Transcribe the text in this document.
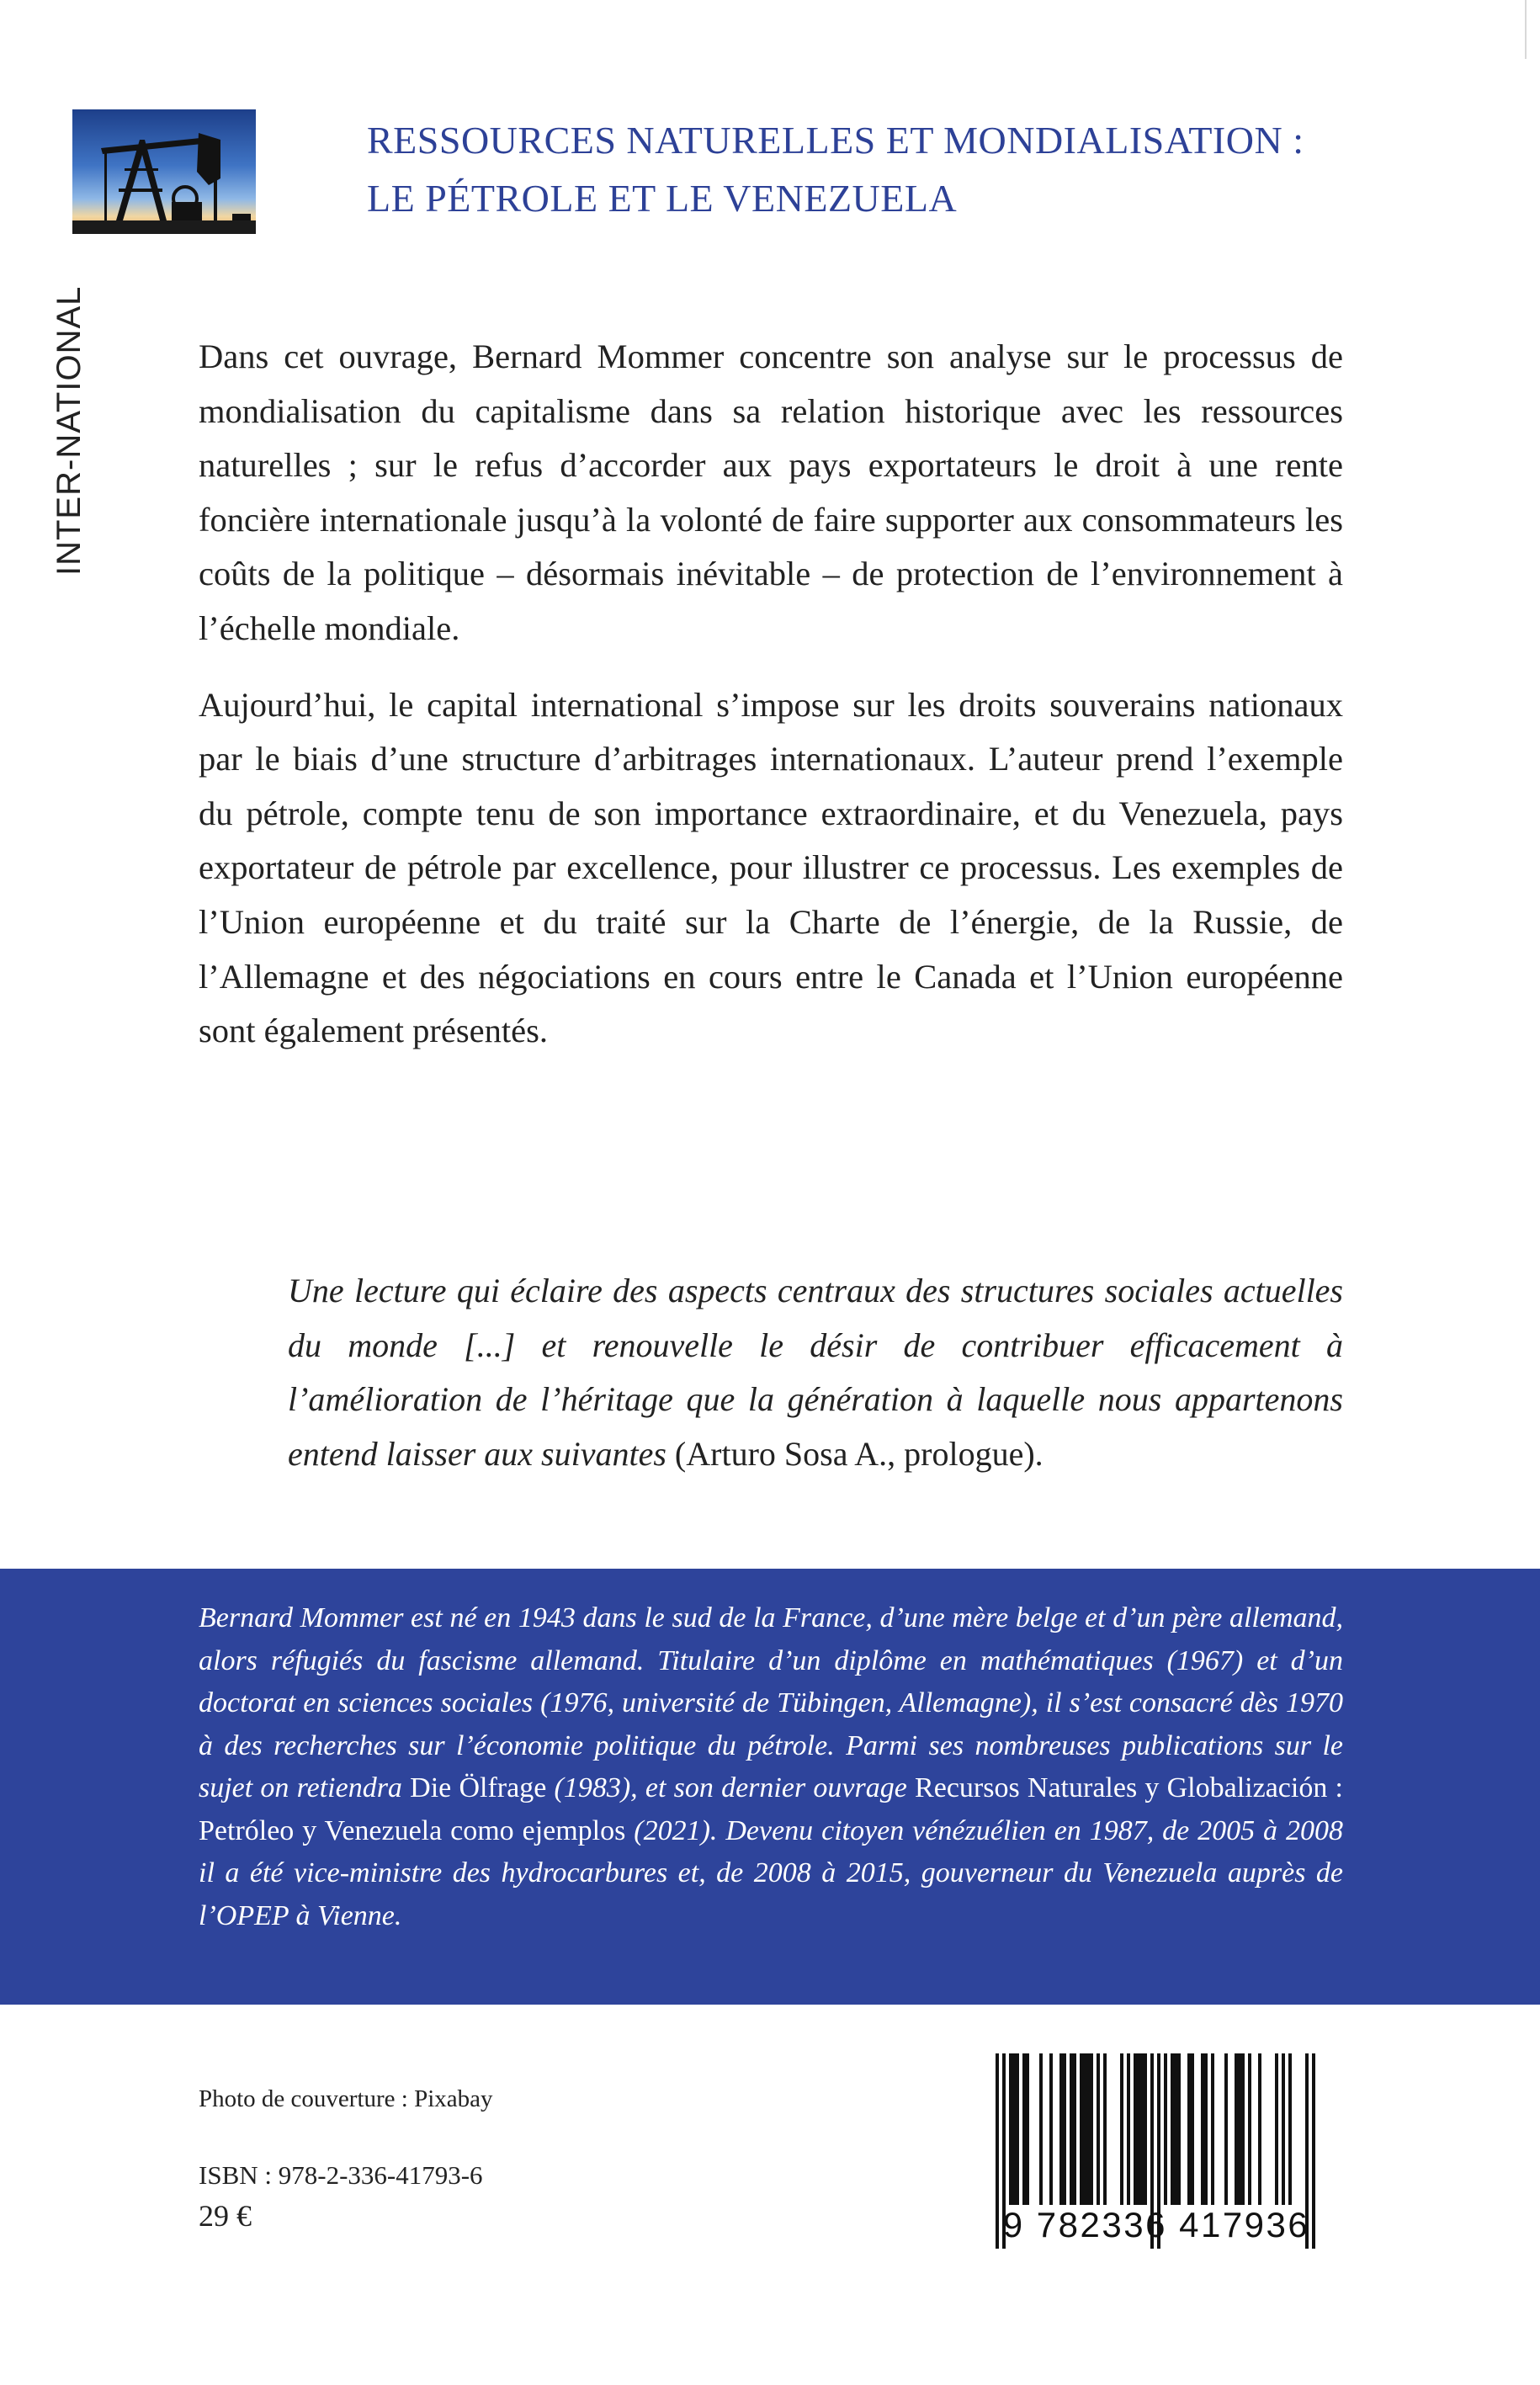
INTER-NATIONAL
RESSOURCES NATURELLES ET MONDIALISATION :
LE PÉTROLE ET LE VENEZUELA

Dans cet ouvrage, Bernard Mommer concentre son analyse sur le processus de mondialisation du capitalisme dans sa relation historique avec les ressources naturelles ; sur le refus d’accorder aux pays exportateurs le droit à une rente foncière internationale jusqu’à la volonté de faire supporter aux consommateurs les coûts de la politique – désormais inévitable – de protection de l’environnement à l’échelle mondiale.

Aujourd’hui, le capital international s’impose sur les droits souverains nationaux par le biais d’une structure d’arbitrages internationaux. L’auteur prend l’exemple du pétrole, compte tenu de son importance extraordinaire, et du Venezuela, pays exportateur de pétrole par excellence, pour illustrer ce processus. Les exemples de l’Union européenne et du traité sur la Charte de l’énergie, de la Russie, de l’Allemagne et des négociations en cours entre le Canada et l’Union européenne sont également présentés.

Une lecture qui éclaire des aspects centraux des structures sociales actuelles du monde [...] et renouvelle le désir de contribuer efficacement à l’amélioration de l’héritage que la génération à laquelle nous appartenons entend laisser aux suivantes (Arturo Sosa A., prologue).
Bernard Mommer est né en 1943 dans le sud de la France, d’une mère belge et d’un père allemand, alors réfugiés du fascisme allemand. Titulaire d’un diplôme en mathématiques (1967) et d’un doctorat en sciences sociales (1976, université de Tübingen, Allemagne), il s’est consacré dès 1970 à des recherches sur l’économie politique du pétrole. Parmi ses nombreuses publications sur le sujet on retiendra Die Ölfrage (1983), et son dernier ouvrage Recursos Naturales y Globalización : Petróleo y Venezuela como ejemplos (2021). Devenu citoyen vénézuélien en 1987, de 2005 à 2008 il a été vice-ministre des hydrocarbures et, de 2008 à 2015, gouverneur du Venezuela auprès de l’OPEP à Vienne.
Photo de couverture : Pixabay
ISBN : 978-2-336-41793-6
29 €	9 782336 417936
